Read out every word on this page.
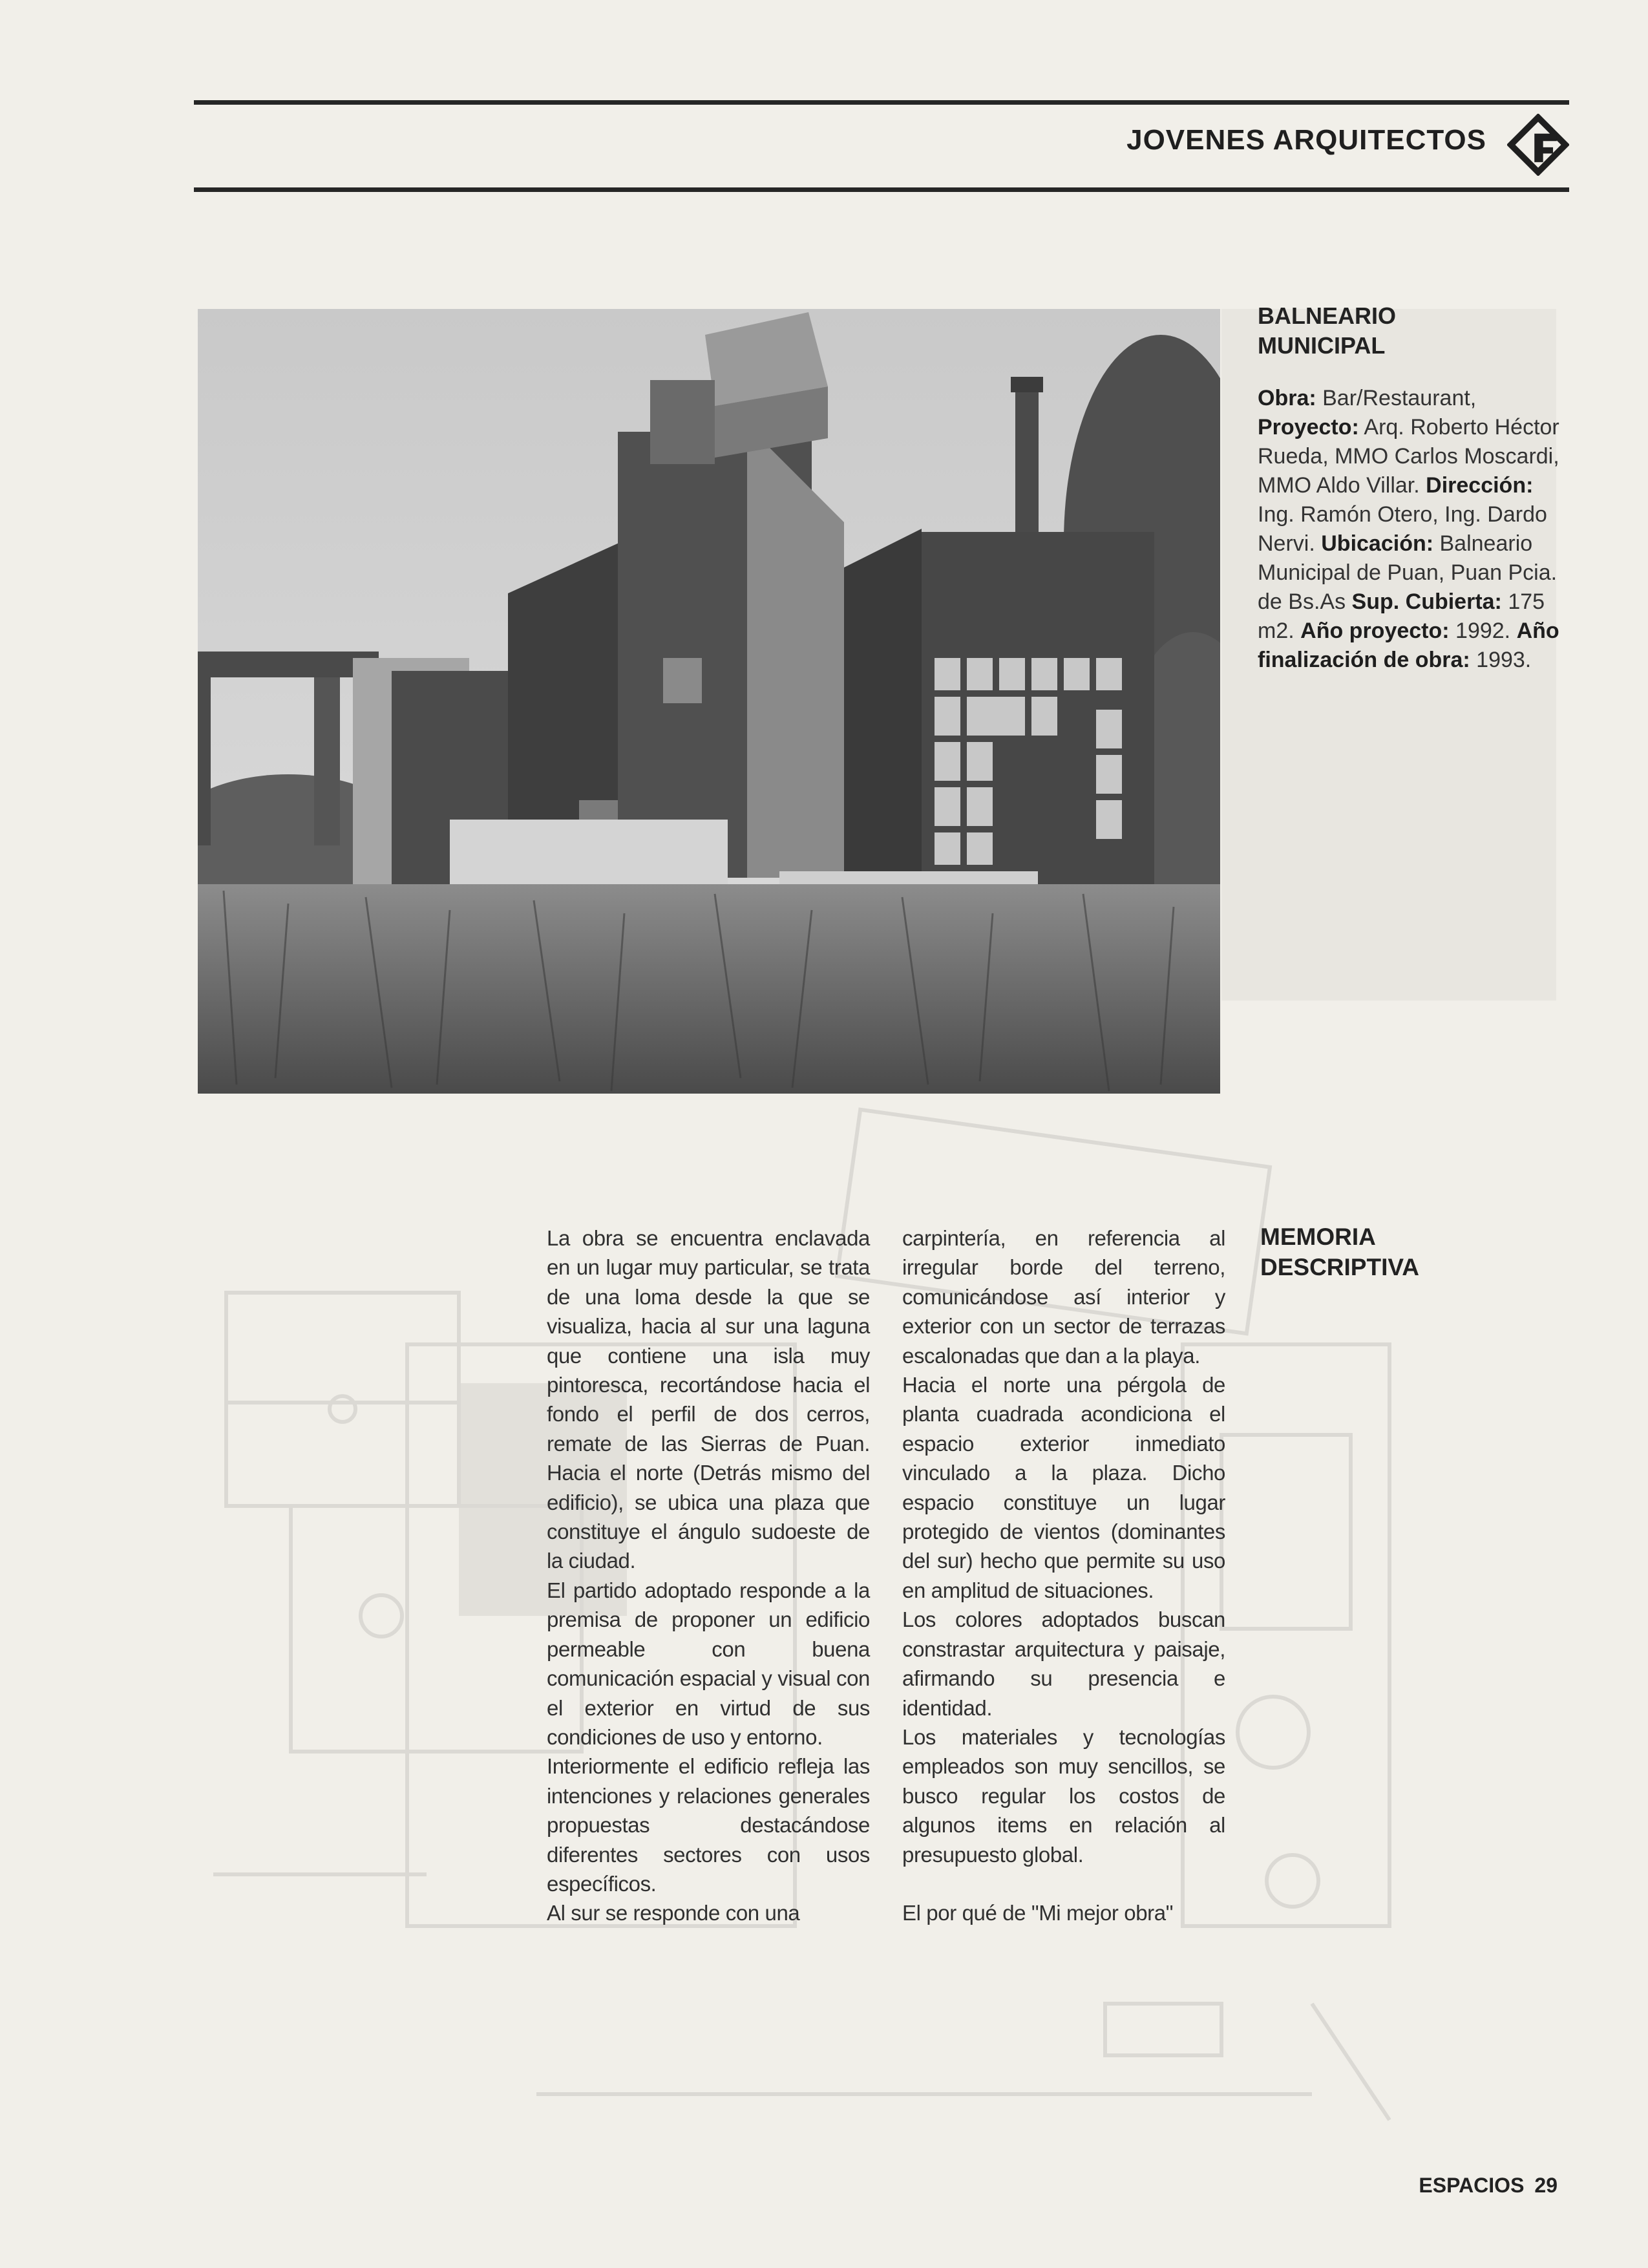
JOVENES ARQUITECTOS
BALNEARIO
MUNICIPAL
Obra: Bar/Restaurant, Proyecto: Arq. Roberto Héctor Rueda, MMO Carlos Moscardi, MMO Aldo Villar. Dirección: Ing. Ramón Otero, Ing. Dardo Nervi. Ubicación: Balneario Municipal de Puan, Puan Pcia. de Bs.As Sup. Cubierta: 175 m2. Año proyecto: 1992. Año finalización de obra: 1993.

La obra se encuentra enclavada en un lugar muy particular, se trata de una loma desde la que se visualiza, hacia al sur una laguna que contiene una isla muy pintoresca, recortándose hacia el fondo el perfil de dos cerros, remate de las Sierras de Puan. Hacia el norte (Detrás mismo del edificio), se ubica una plaza que constituye el ángulo sudoeste de la ciudad.

El partido adoptado responde a la premisa de proponer un edificio permeable con buena comunicación espacial y visual con el exterior en virtud de sus condiciones de uso y entorno.

Interiormente el edificio refleja las intenciones y relaciones generales propuestas destacándose diferentes sectores con usos específicos.

Al sur se responde con una

carpintería, en referencia al irregular borde del terreno, comunicándose así interior y exterior con un sector de terrazas escalonadas que dan a la playa.

Hacia el norte una pérgola de planta cuadrada acondiciona el espacio exterior inmediato vinculado a la plaza. Dicho espacio constituye un lugar protegido de vientos (dominantes del sur) hecho que permite su uso en amplitud de situaciones.

Los colores adoptados buscan constrastar arquitectura y paisaje, afirmando su presencia e identidad.

Los materiales y tecnologías empleados son muy sencillos, se busco regular los costos de algunos items en relación al presupuesto global.

El por qué de "Mi mejor obra"

MEMORIA
DESCRIPTIVA
ESPACIOS 29
